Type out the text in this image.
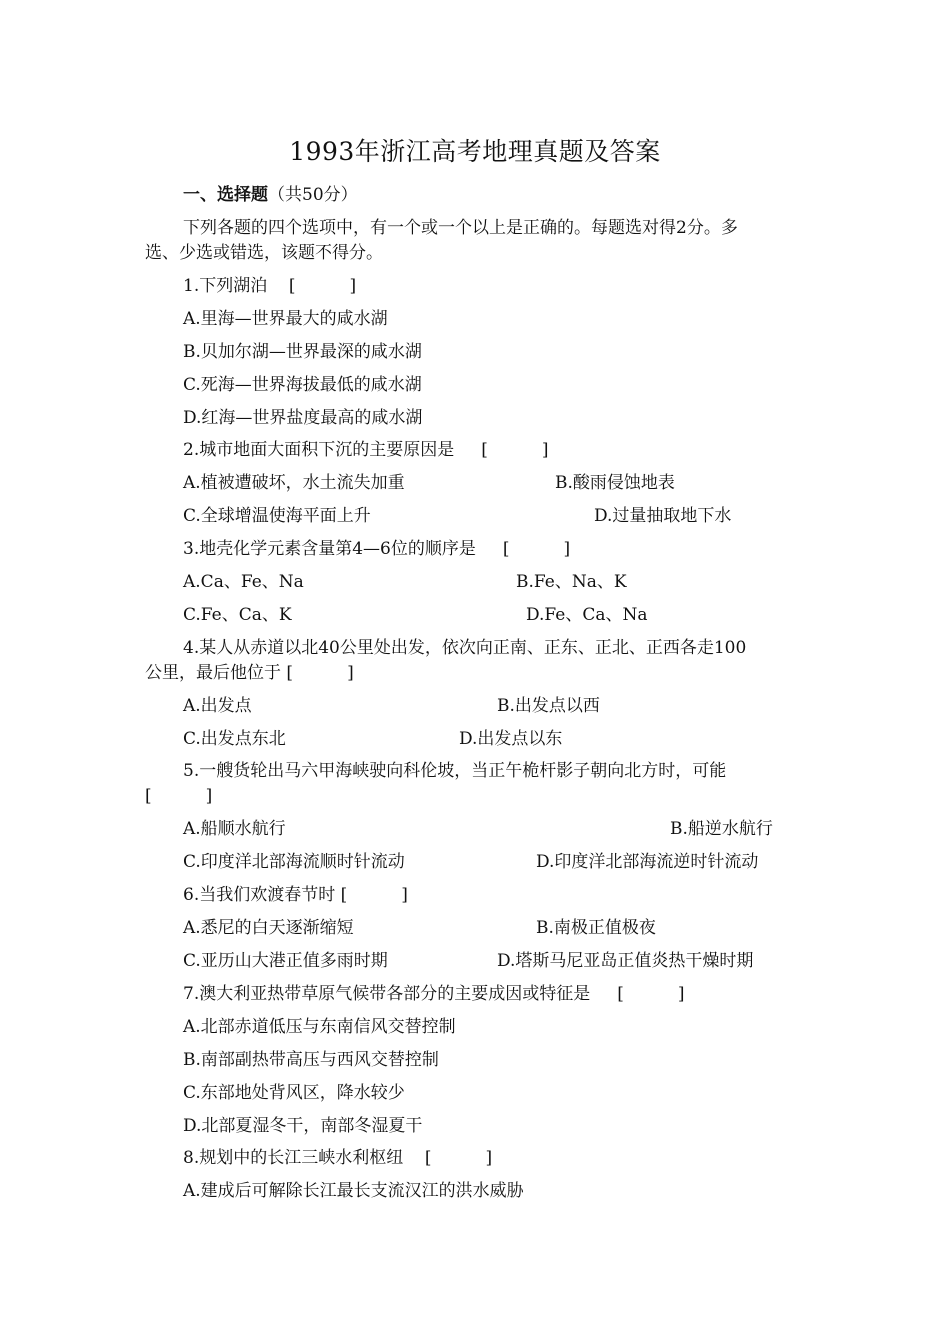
1993年浙江高考地理真题及答案
一、选择题（共50分）
下列各题的四个选项中，有一个或一个以上是正确的。每题选对得2分。多
选、少选或错选，该题不得分。
1.下列湖泊 [          ]
A.里海—世界最大的咸水湖
B.贝加尔湖—世界最深的咸水湖
C.死海—世界海拔最低的咸水湖
D.红海—世界盐度最高的咸水湖
2.城市地面大面积下沉的主要原因是 [          ]
A.植被遭破坏，水土流失加重	B.酸雨侵蚀地表
C.全球增温使海平面上升	D.过量抽取地下水
3.地壳化学元素含量第4—6位的顺序是 [          ]
A.Ca、Fe、Na	B.Fe、Na、K
C.Fe、Ca、K	D.Fe、Ca、Na
4.某人从赤道以北40公里处出发，依次向正南、正东、正北、正西各走100
公里，最后他位于 [          ]
A.出发点	B.出发点以西
C.出发点东北	D.出发点以东
5.一艘货轮出马六甲海峡驶向科伦坡，当正午桅杆影子朝向北方时，可能
[          ]
A.船顺水航行	B.船逆水航行
C.印度洋北部海流顺时针流动	D.印度洋北部海流逆时针流动
6.当我们欢渡春节时 [          ]
A.悉尼的白天逐渐缩短	B.南极正值极夜
C.亚历山大港正值多雨时期	D.塔斯马尼亚岛正值炎热干燥时期
7.澳大利亚热带草原气候带各部分的主要成因或特征是 [          ]
A.北部赤道低压与东南信风交替控制
B.南部副热带高压与西风交替控制
C.东部地处背风区，降水较少
D.北部夏湿冬干，南部冬湿夏干
8.规划中的长江三峡水利枢纽 [          ]
A.建成后可解除长江最长支流汉江的洪水威胁
